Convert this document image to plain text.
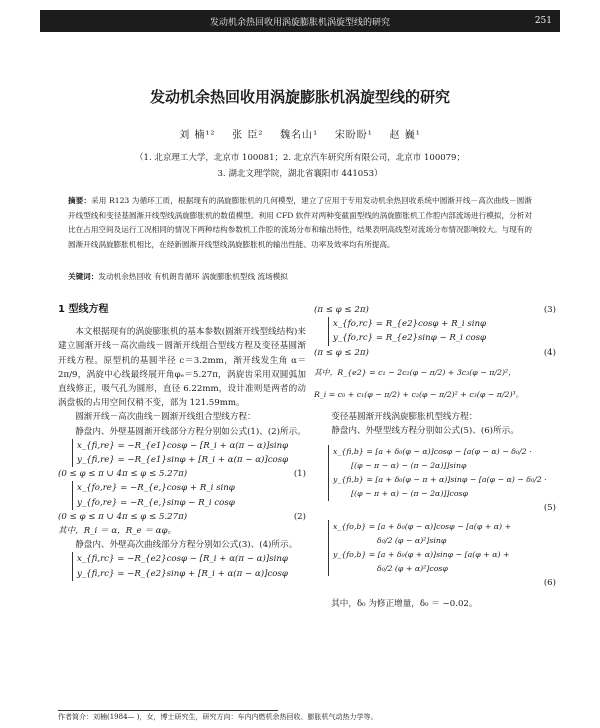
发动机余热回收用涡旋膨胀机涡旋型线的研究	251
发动机余热回收用涡旋膨胀机涡旋型线的研究
刘 楠¹² 张 臣² 魏名山¹ 宋盼盼¹ 赵 巍¹
（1. 北京理工大学，北京市 100081；2. 北京汽车研究所有限公司，北京市 100079；
3. 湖北文理学院，湖北省襄阳市 441053）
摘要：采用 R123 为循环工质，根据现有的涡旋膨胀机的几何模型，建立了应用于专用发动机余热回收系统中圆渐开线－高次曲线－圆渐开线型线和变径基圆渐开线型线涡旋膨胀机的数值模型。利用 CFD 软件对两种变截面型线的涡旋膨胀机工作腔内部流场进行模拟，分析对比在占用空间及运行工况相同的情况下两种结构参数机工作腔的流场分布和输出特性，结果表明高线型对流场分布情况影响较大。与现有的圆渐开线涡旋膨胀机相比，在经新圆渐开线型线涡旋膨胀机的输出性能、功率及效率均有所提高。
关键词：发动机余热回收 有机朗肯循环 涡旋膨胀机型线 流场模拟
1 型线方程

本文根据现有的涡旋膨胀机的基本参数(圆渐开线型线结构)来建立圆渐开线－高次曲线－圆渐开线组合型线方程及变径基圆渐开线方程。原型机的基圆半径 c＝3.2mm，渐开线发生角 α＝2π/9，涡旋中心线最终展开角φₑ＝5.27π，涡旋齿采用双圆弧加直线修正，吸气孔为圆形，直径 6.22mm，设计准则是两者的动涡盘板的占用空间仅稍不变，部为 121.59mm。

圆渐开线－高次曲线－圆渐开线组合型线方程：

静盘内、外壁基圆渐开线部分方程分别如公式(1)、(2)所示。

x_{fi,re} = −R_{e1}cosφ − [R_i + α(π − α)]sinφ
y_{fi,re} = −R_{e1}sinφ + [R_i + α(π − α)]cosφ
(0 ≤ φ ≤ π ∪ 4π ≤ φ ≤ 5.27π)	(1)
x_{fo,re} = −R_{e,}cosφ + R_i sinφ
y_{fo,re} = −R_{e,}sinφ − R_i cosφ
(0 ≤ φ ≤ π ∪ 4π ≤ φ ≤ 5.27π)	(2)
其中，R_i ＝ α，R_e ＝ αφ。

静盘内、外壁高次曲线部分方程分别如公式(3)、(4)所示。

x_{fi,rc} = −R_{e2}cosφ − [R_i + α(π − α)]sinφ
y_{fi,rc} = −R_{e2}sinφ + [R_i + α(π − α)]cosφ
(π ≤ φ ≤ 2π)	(3)
x_{fo,rc} = R_{e2}cosφ + R_i sinφ
y_{fo,rc} = R_{e2}sinφ − R_i cosφ
(π ≤ φ ≤ 2π)	(4)
其中，R_{e2} = c₁ − 2c₂(φ − π/2) + 3c₃(φ − π/2)²，
R_i = c₀ + c₁(φ − π/2) + c₂(φ − π/2)² + c₃(φ − π/2)³。

变径基圆渐开线涡旋膨胀机型线方程：

静盘内、外壁型线方程分别如公式(5)、(6)所示。

x_{fi,b} = [a + δ₀(φ − α)]cosφ − [a(φ − α) − δ₀/2 ·
[(φ − π − α) − (π − 2α)]]sinφ
y_{fi,b} = [a + δ₀(φ − π + α)]sinφ − [a(φ − α) − δ₀/2 ·
[(φ − π + α) − (π − 2α)]]cosφ
(5)
x_{fo,b} = [a + δ₀(φ − α)]cosφ − [a(φ + α) +
δ₀/2 (φ − α)²]sinφ
y_{fo,b} = [a + δ₀(φ + α)]sinφ − [a(φ + α) +
δ₀/2 (φ + α)²]cosφ
(6)

其中，δ₀ 为修正增量，δ₀ ＝ −0.02。

作者简介：刘楠(1984— )，女，博士研究生，研究方向：车内内燃机余热回收、膨胀机气动热力学等。
